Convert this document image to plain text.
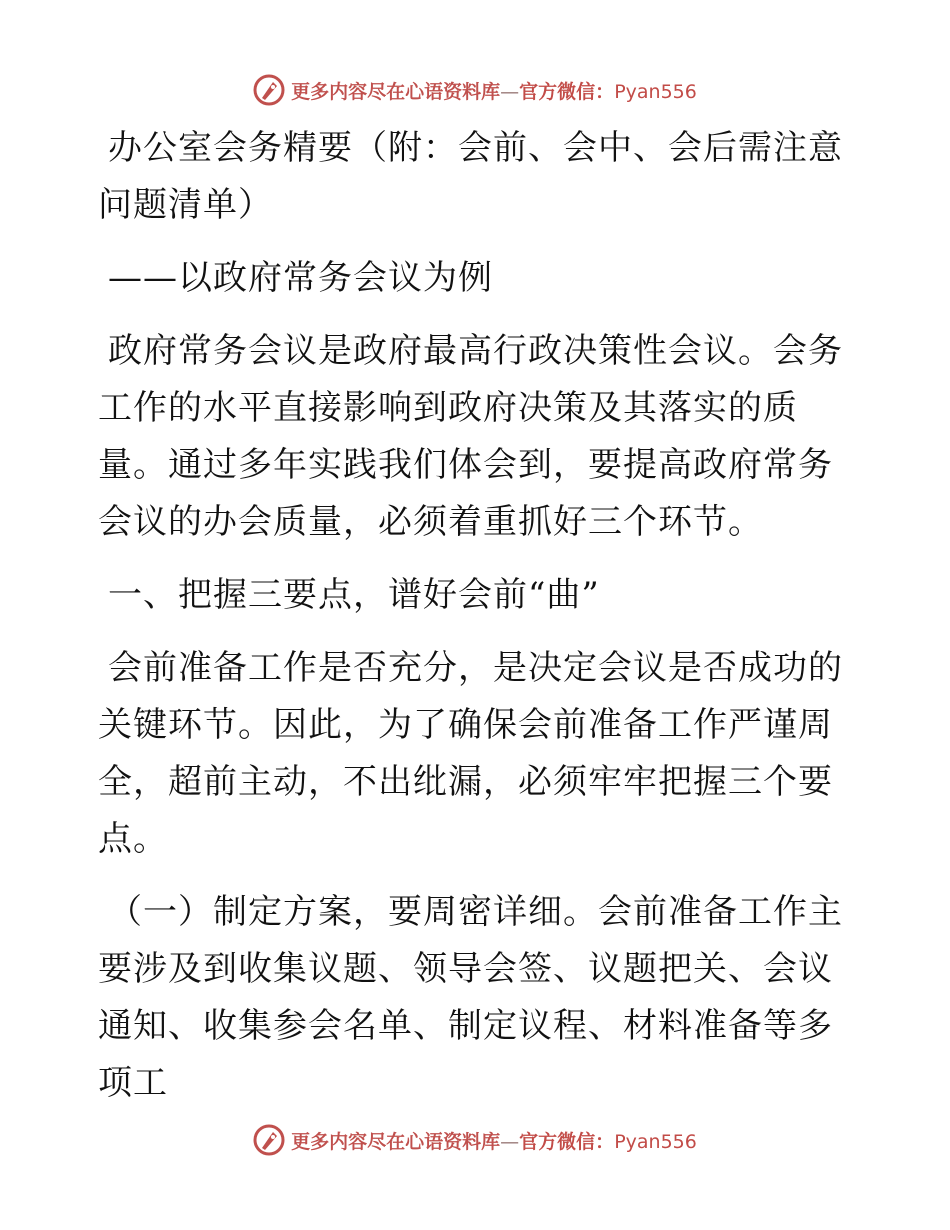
更多内容尽在心语资料库—官方微信：Pyan556

办公室会务精要（附：会前、会中、会后需注意问题清单）

——以政府常务会议为例

政府常务会议是政府最高行政决策性会议。会务工作的水平直接影响到政府决策及其落实的质量。通过多年实践我们体会到，要提高政府常务会议的办会质量，必须着重抓好三个环节。

一、把握三要点，谱好会前“曲”

会前准备工作是否充分，是决定会议是否成功的关键环节。因此，为了确保会前准备工作严谨周全，超前主动，不出纰漏，必须牢牢把握三个要点。

（一）制定方案，要周密详细。会前准备工作主要涉及到收集议题、领导会签、议题把关、会议通知、收集参会名单、制定议程、材料准备等多项工

更多内容尽在心语资料库—官方微信：Pyan556
